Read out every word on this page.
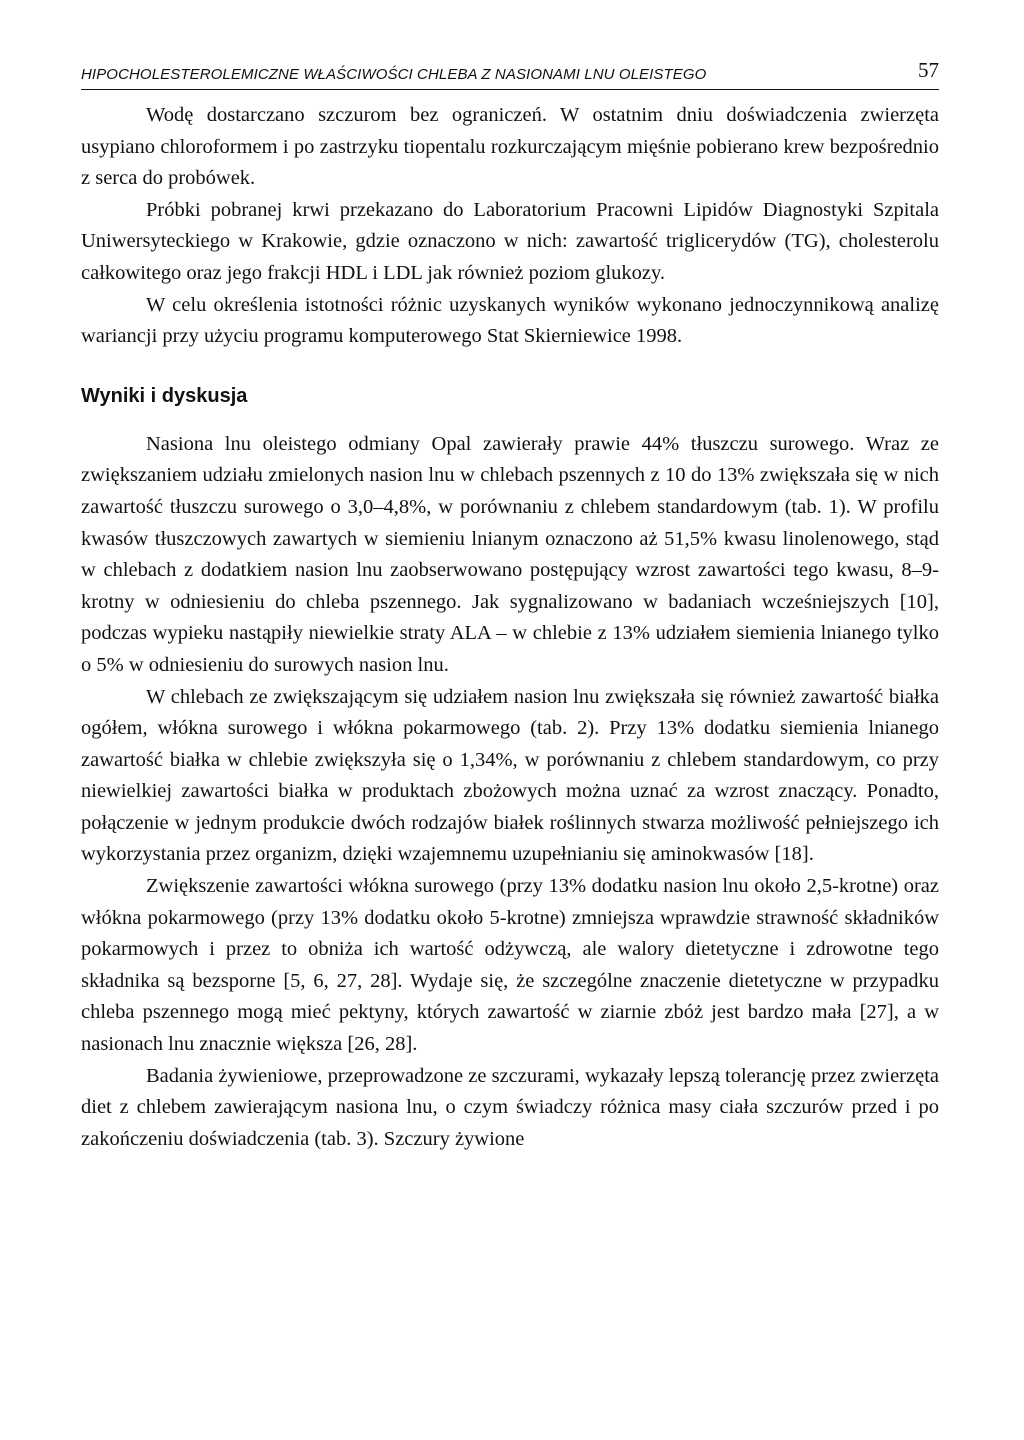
HIPOCHOLESTEROLEMICZNE WŁAŚCIWOŚCI CHLEBA Z NASIONAMI LNU OLEISTEGO	57

Wodę dostarczano szczurom bez ograniczeń. W ostatnim dniu doświadczenia zwierzęta usypiano chloroformem i po zastrzyku tiopentalu rozkurczającym mięśnie pobierano krew bezpośrednio z serca do probówek.

Próbki pobranej krwi przekazano do Laboratorium Pracowni Lipidów Diagnostyki Szpitala Uniwersyteckiego w Krakowie, gdzie oznaczono w nich: zawartość triglicerydów (TG), cholesterolu całkowitego oraz jego frakcji HDL i LDL jak również poziom glukozy.

W celu określenia istotności różnic uzyskanych wyników wykonano jednoczynnikową analizę wariancji przy użyciu programu komputerowego Stat Skierniewice 1998.

Wyniki i dyskusja

Nasiona lnu oleistego odmiany Opal zawierały prawie 44% tłuszczu surowego. Wraz ze zwiększaniem udziału zmielonych nasion lnu w chlebach pszennych z 10 do 13% zwiększała się w nich zawartość tłuszczu surowego o 3,0–4,8%, w porównaniu z chlebem standardowym (tab. 1). W profilu kwasów tłuszczowych zawartych w siemieniu lnianym oznaczono aż 51,5% kwasu linolenowego, stąd w chlebach z dodatkiem nasion lnu zaobserwowano postępujący wzrost zawartości tego kwasu, 8–9-krotny w odniesieniu do chleba pszennego. Jak sygnalizowano w badaniach wcześniejszych [10], podczas wypieku nastąpiły niewielkie straty ALA – w chlebie z 13% udziałem siemienia lnianego tylko o 5% w odniesieniu do surowych nasion lnu.

W chlebach ze zwiększającym się udziałem nasion lnu zwiększała się również zawartość białka ogółem, włókna surowego i włókna pokarmowego (tab. 2). Przy 13% dodatku siemienia lnianego zawartość białka w chlebie zwiększyła się o 1,34%, w porównaniu z chlebem standardowym, co przy niewielkiej zawartości białka w produktach zbożowych można uznać za wzrost znaczący. Ponadto, połączenie w jednym produkcie dwóch rodzajów białek roślinnych stwarza możliwość pełniejszego ich wykorzystania przez organizm, dzięki wzajemnemu uzupełnianiu się aminokwasów [18].

Zwiększenie zawartości włókna surowego (przy 13% dodatku nasion lnu około 2,5-krotne) oraz włókna pokarmowego (przy 13% dodatku około 5-krotne) zmniejsza wprawdzie strawność składników pokarmowych i przez to obniża ich wartość odżywczą, ale walory dietetyczne i zdrowotne tego składnika są bezsporne [5, 6, 27, 28]. Wydaje się, że szczególne znaczenie dietetyczne w przypadku chleba pszennego mogą mieć pektyny, których zawartość w ziarnie zbóż jest bardzo mała [27], a w nasionach lnu znacznie większa [26, 28].

Badania żywieniowe, przeprowadzone ze szczurami, wykazały lepszą tolerancję przez zwierzęta diet z chlebem zawierającym nasiona lnu, o czym świadczy różnica masy ciała szczurów przed i po zakończeniu doświadczenia (tab. 3). Szczury żywione
